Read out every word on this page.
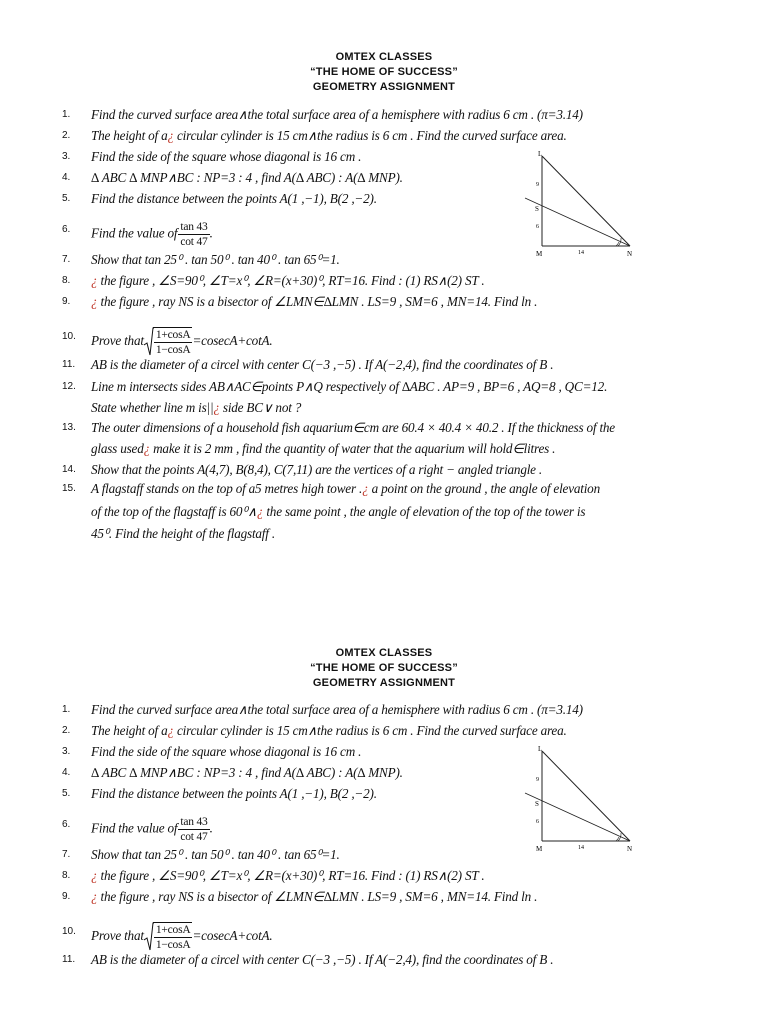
OMTEX CLASSES
“THE HOME OF SUCCESS”
GEOMETRY ASSIGNMENT
1. Find the curved surface area∧the total surface area of a hemisphere with radius 6 cm . (π=3.14)
2. The height of a¿ circular cylinder is 15 cm∧the radius is 6 cm . Find the curved surface area.
3. Find the side of the square whose diagonal is 16 cm .
4. ∆ ABC ∆ MNP∧BC : NP=3 : 4 , find A(∆ ABC) : A(∆ MNP).
5. Find the distance between the points A(1 ,−1), B(2 ,−2).
6. Find the value of $\frac{\tan 43}{\cot 47}$ .
7. Show that tan 25⁰ . tan 50⁰ . tan 40⁰ . tan 65⁰=1.
8. ¿ the figure , ∠S=90⁰, ∠T=x⁰, ∠R=(x+30)⁰, RT=16. Find : (1) RS∧(2) ST .
9. ¿ the figure , ray NS is a bisector of ∠LMN∈∆LMN . LS=9 , SM=6 , MN=14. Find ln .
10. Prove that $\frac{1+\cos A}{1-\cos A} =cosecA+\cot A$.
11. AB is the diameter of a circel with center C(−3 ,−5) . If A(−2,4), find the coordinates of B .
12. Line m intersects sides AB∧AC∈points P∧Q respectively of ∆ABC . AP=9 , BP=6 , AQ=8 , QC=12.
State whether line m is||¿ side BC∨ not ?
13. The outer dimensions of a household fish aquarium∈cm are 60.4 × 40.4 × 40.2 . If the thickness of the
glass used¿ make it is 2 mm , find the quantity of water that the aquarium will hold∈litres .
14. Show that the points A(4,7), B(8,4), C(7,11) are the vertices of a right − angled triangle .
15. A flagstaff stands on the top of a5 metres high tower .¿ a point on the ground , the angle of elevation
of the top of the flagstaff is 60⁰∧¿ the same point , the angle of elevation of the top of the tower is
45⁰. Find the height of the flagstaff .
L
M	N
S
9
6
14
OMTEX CLASSES
“THE HOME OF SUCCESS”
GEOMETRY ASSIGNMENT
1. Find the curved surface area∧the total surface area of a hemisphere with radius 6 cm . (π=3.14)
2. The height of a¿ circular cylinder is 15 cm∧the radius is 6 cm . Find the curved surface area.
3. Find the side of the square whose diagonal is 16 cm .
4. ∆ ABC ∆ MNP∧BC : NP=3 : 4 , find A(∆ ABC) : A(∆ MNP).
5. Find the distance between the points A(1 ,−1), B(2 ,−2).
6. Find the value of $\frac{\tan 43}{\cot 47}$ .
7. Show that tan 25⁰ . tan 50⁰ . tan 40⁰ . tan 65⁰=1.
8. ¿ the figure , ∠S=90⁰, ∠T=x⁰, ∠R=(x+30)⁰, RT=16. Find : (1) RS∧(2) ST .
9. ¿ the figure , ray NS is a bisector of ∠LMN∈∆LMN . LS=9 , SM=6 , MN=14. Find ln .
10. Prove that $\frac{1+\cos A}{1-\cos A} =cosecA+\cot A$.
11. AB is the diameter of a circel with center C(−3 ,−5) . If A(−2,4), find the coordinates of B .
L
M	N
S
9
6
14
